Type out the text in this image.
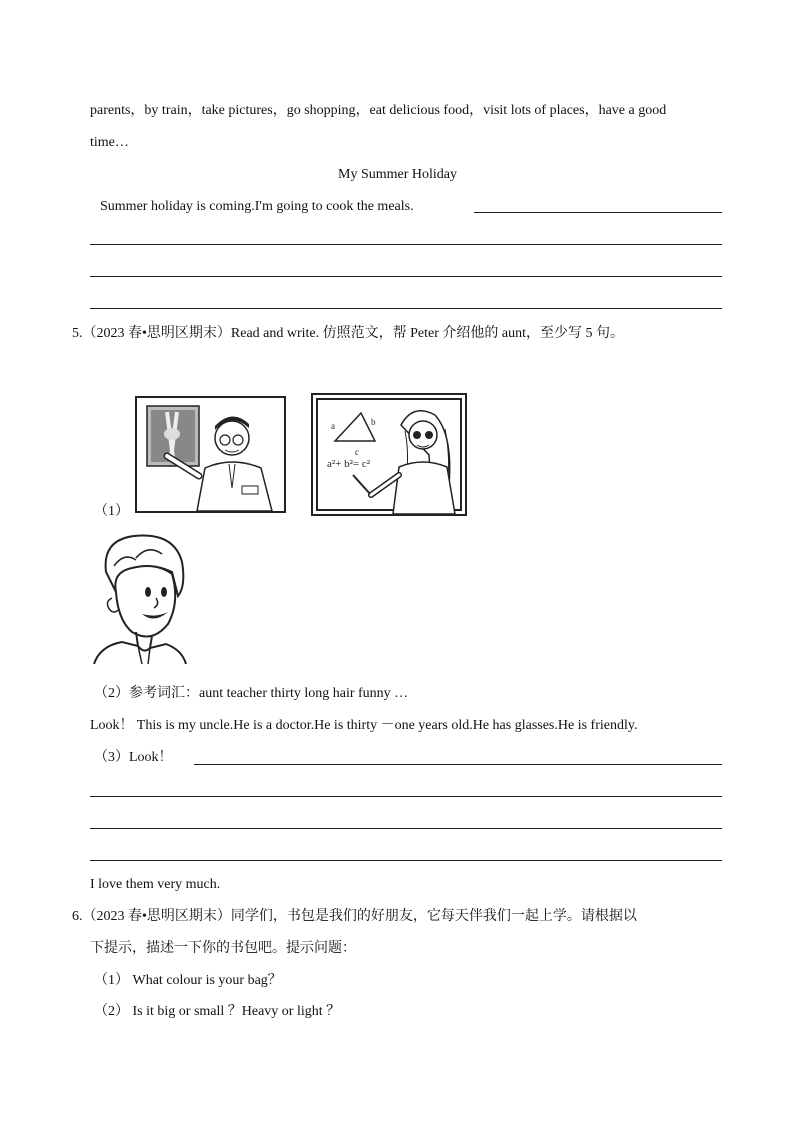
parents，by train，take pictures，go shopping，eat delicious food，visit lots of places，have a good
time…
My Summer Holiday
Summer holiday is coming.I'm going to cook the meals.
5.（2023 春•思明区期末）Read and write. 仿照范文，帮 Peter 介绍他的 aunt，至少写 5 句。
a	b
c
a²+ b²= c²
（1）
（2）参考词汇：aunt teacher thirty long hair funny …
Look！ This is my uncle.He is a doctor.He is thirty －one years old.He has glasses.He is friendly.
（3）Look！
I love them very much.
6.（2023 春•思明区期末）同学们，书包是我们的好朋友，它每天伴我们一起上学。请根据以
下提示，描述一下你的书包吧。提示问题：
（1） What colour is your bag？
（2） Is it big or small ？Heavy or light ？
